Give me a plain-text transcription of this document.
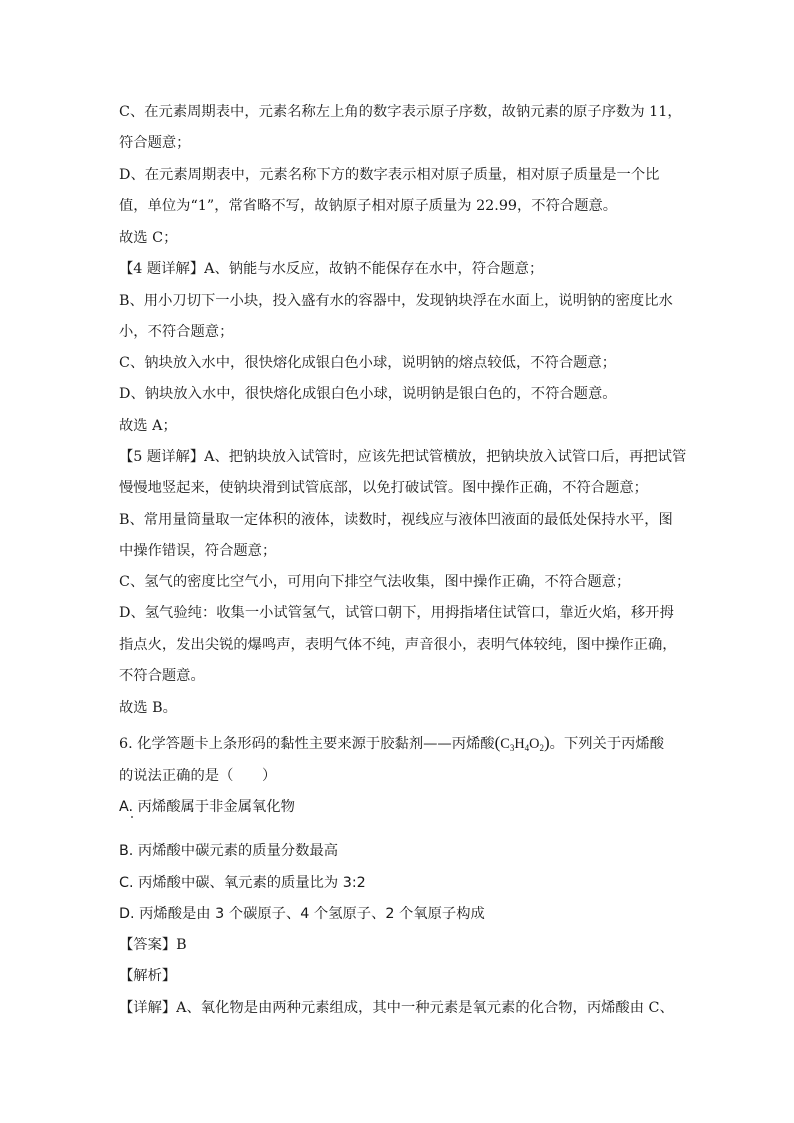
C、在元素周期表中，元素名称左上角的数字表示原子序数，故钠元素的原子序数为 11，
符合题意；
D、在元素周期表中，元素名称下方的数字表示相对原子质量，相对原子质量是一个比
值，单位为“1”，常省略不写，故钠原子相对原子质量为 22.99，不符合题意。
故选 C；
【4 题详解】A、钠能与水反应，故钠不能保存在水中，符合题意；
B、用小刀切下一小块，投入盛有水的容器中，发现钠块浮在水面上，说明钠的密度比水
小，不符合题意；
C、钠块放入水中，很快熔化成银白色小球，说明钠的熔点较低，不符合题意；
D、钠块放入水中，很快熔化成银白色小球，说明钠是银白色的，不符合题意。
故选 A；
【5 题详解】A、把钠块放入试管时，应该先把试管横放，把钠块放入试管口后，再把试管
慢慢地竖起来，使钠块滑到试管底部，以免打破试管。图中操作正确，不符合题意；
B、常用量筒量取一定体积的液体，读数时，视线应与液体凹液面的最低处保持水平，图
中操作错误，符合题意；
C、氢气的密度比空气小，可用向下排空气法收集，图中操作正确，不符合题意；
D、氢气验纯：收集一小试管氢气，试管口朝下，用拇指堵住试管口，靠近火焰，移开拇
指点火，发出尖锐的爆鸣声，表明气体不纯，声音很小，表明气体较纯，图中操作正确，
不符合题意。
故选 B。
6. 化学答题卡上条形码的黏性主要来源于胶黏剂——丙烯酸$(C_3H_4O_2)$。下列关于丙烯酸
的说法正确的是（　　）
A. 丙烯酸属于非金属氧化物
B. 丙烯酸中碳元素的质量分数最高
C. 丙烯酸中碳、氧元素的质量比为 3:2
D. 丙烯酸是由 3 个碳原子、4 个氢原子、2 个氧原子构成
【答案】B
【解析】
【详解】A、氧化物是由两种元素组成，其中一种元素是氧元素的化合物，丙烯酸由 C、
